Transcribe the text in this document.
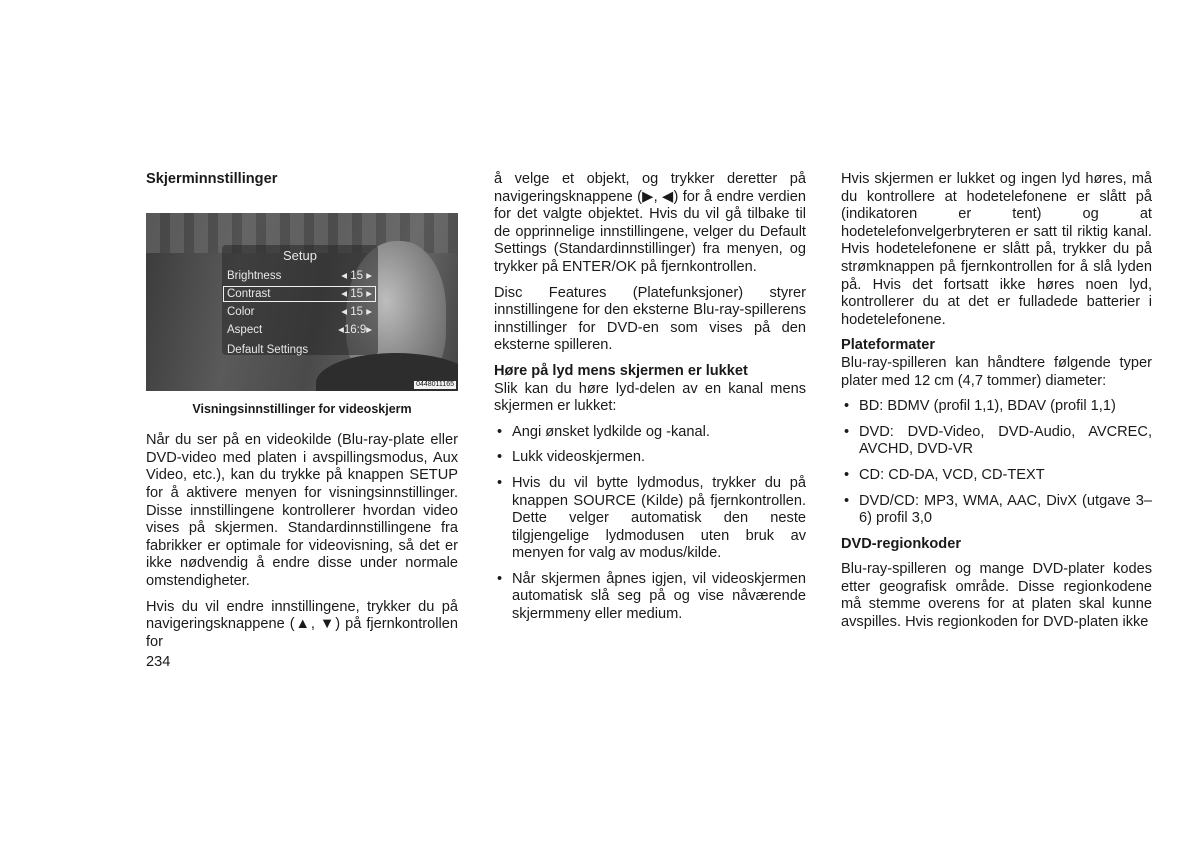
Skjerminnstillinger
Setup
Brightness	◂ 15 ▸
Contrast	◂ 15 ▸
Color	◂ 15 ▸
Aspect	◂16:9▸
Default Settings
0448011165
Visningsinnstillinger for videoskjerm

Når du ser på en videokilde (Blu-ray-plate eller DVD-video med platen i avspillingsmodus, Aux Video, etc.), kan du trykke på knappen SETUP for å aktivere menyen for visningsinnstillinger. Disse innstillingene kontrollerer hvordan video vises på skjermen. Standardinnstillingene fra fabrikker er optimale for videovisning, så det er ikke nødvendig å endre disse under normale omstendigheter.

Hvis du vil endre innstillingene, trykker du på navigeringsknappene (▲, ▼) på fjernkontrollen for

å velge et objekt, og trykker deretter på navigeringsknappene (▶, ◀) for å endre verdien for det valgte objektet. Hvis du vil gå tilbake til de opprinnelige innstillingene, velger du Default Settings (Standardinnstillinger) fra menyen, og trykker på ENTER/OK på fjernkontrollen.

Disc Features (Platefunksjoner) styrer innstillingene for den eksterne Blu-ray-spillerens innstillinger for DVD-en som vises på den eksterne spilleren.

Høre på lyd mens skjermen er lukket

Slik kan du høre lyd-delen av en kanal mens skjermen er lukket:

• Angi ønsket lydkilde og -kanal.
• Lukk videoskjermen.
• Hvis du vil bytte lydmodus, trykker du på knappen SOURCE (Kilde) på fjernkontrollen. Dette velger automatisk den neste tilgjengelige lydmodusen uten bruk av menyen for valg av modus/kilde.
• Når skjermen åpnes igjen, vil videoskjermen automatisk slå seg på og vise nåværende skjermmeny eller medium.

Hvis skjermen er lukket og ingen lyd høres, må du kontrollere at hodetelefonene er slått på (indikatoren er tent) og at hodetelefonvelgerbryteren er satt til riktig kanal. Hvis hodetelefonene er slått på, trykker du på strømknappen på fjernkontrollen for å slå lyden på. Hvis det fortsatt ikke høres noen lyd, kontrollerer du at det er fulladede batterier i hodetelefonene.

Plateformater

Blu-ray-spilleren kan håndtere følgende typer plater med 12 cm (4,7 tommer) diameter:

• BD: BDMV (profil 1,1), BDAV (profil 1,1)
• DVD: DVD-Video, DVD-Audio, AVCREC, AVCHD, DVD-VR
• CD: CD-DA, VCD, CD-TEXT
• DVD/CD: MP3, WMA, AAC, DivX (utgave 3–6) profil 3,0
DVD-regionkoder

Blu-ray-spilleren og mange DVD-plater kodes etter geografisk område. Disse regionkodene må stemme overens for at platen skal kunne avspilles. Hvis regionkoden for DVD-platen ikke

234
